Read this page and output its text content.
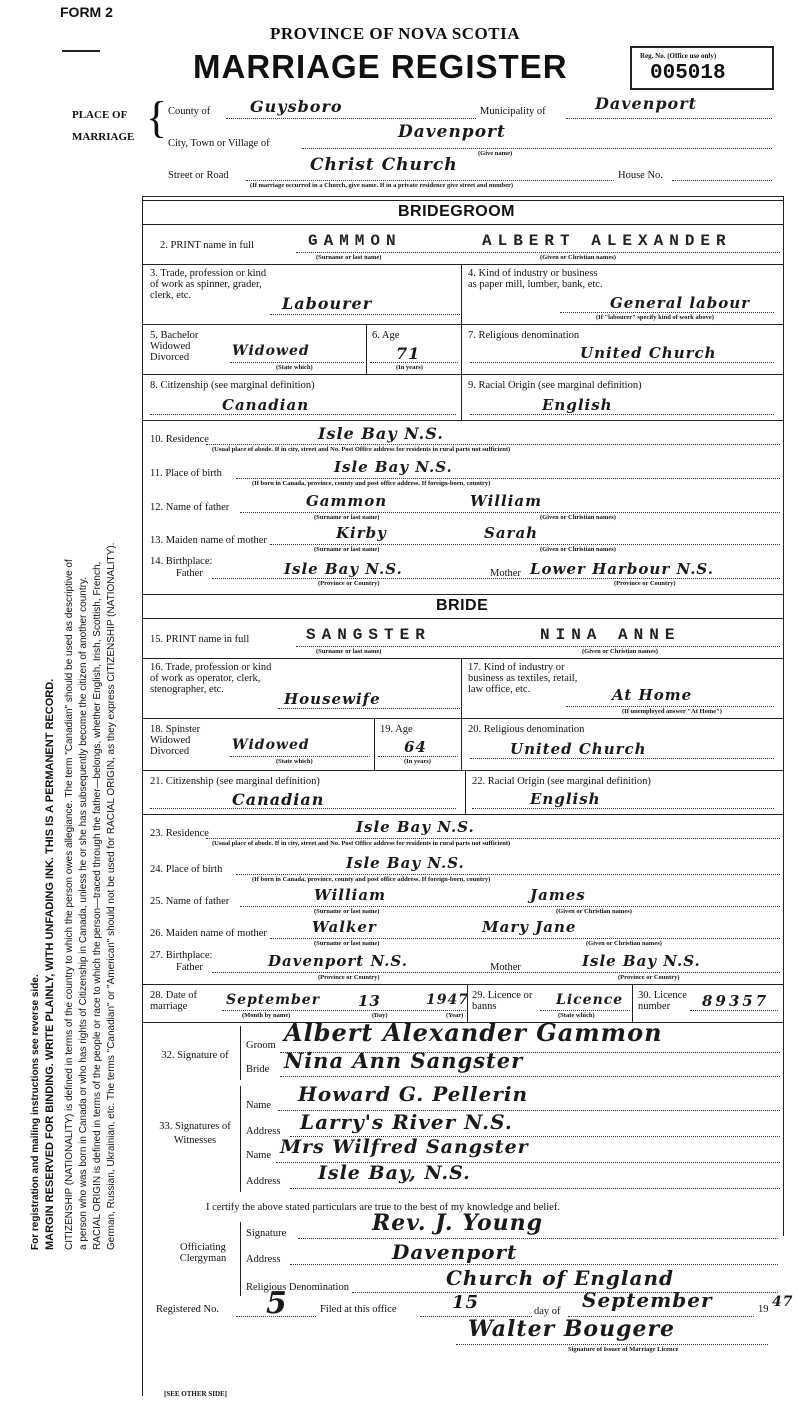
FORM 2
PROVINCE OF NOVA SCOTIA
MARRIAGE REGISTER	Reg. No. (Office use only)
005018
For registration and mailing instructions see reverse side. MARGIN RESERVED FOR BINDING. WRITE PLAINLY, WITH UNFADING INK. THIS IS A PERMANENT RECORD. CITIZENSHIP (NATIONALITY) is defined in terms of the country to which the person owes allegiance. The term "Canadian" should be used as descriptive of a person who was born in Canada or who has rights of Citizenship in Canada, unless he or she has subsequently become the citizen of another country. RACIAL ORIGIN is defined in terms of the people or race to which the person—traced through the father—belongs, whether English, Irish, Scottish, French, German, Russian, Ukrainian, etc. The terms "Canadian" or "American" should not be used for RACIAL ORIGIN, as they express CITIZENSHIP (NATIONALITY).
PLACE OF MARRIAGE { County of Guysboro	Municipality of	Davenport
City, Town or Village of
Davenport
(Give name)
Street or Road
Christ Church
House No.
(If marriage occurred in a Church, give name. If in a private residence give street and number)
BRIDEGROOM
2. PRINT name in full	GAMMON	ALBERT ALEXANDER
(Surname or last name)	(Given or Christian names)
3. Trade, profession or kind of work as spinner, grader, clerk, etc.	Labourer
4. Kind of industry or business as paper mill, lumber, bank, etc.
General labour
(If "labourer" specify kind of work above)
5. Bachelor Widowed Divorced	Widowed
(State which)
6. Age
71
(In years)
7. Religious denomination
United Church
8. Citizenship (see marginal definition)
Canadian
9. Racial Origin (see marginal definition)
English
10. Residence	Isle Bay N.S.
(Usual place of abode. If in city, street and No. Post Office address for residents in rural parts not sufficient)
11. Place of birth	Isle Bay N.S.
(If born in Canada, province, county and post office address. If foreign-born, country)
12. Name of father	Gammon	William
(Surname or last name)	(Given or Christian names)
13. Maiden name of mother	Kirby	Sarah
(Surname or last name)	(Given or Christian names)
14. Birthplace:
Father	Isle Bay N.S.	Mother Lower Harbour N.S.
(Province or Country)	(Province or Country)
BRIDE
15. PRINT name in full	SANGSTER	NINA ANNE
(Surname or last name)	(Given or Christian names)
16. Trade, profession or kind of work as operator, clerk, stenographer, etc.
Housewife
17. Kind of industry or business as textiles, retail, law office, etc.	At Home
(If unemployed answer "At Home")
18. Spinster Widowed Divorced	Widowed
(State which)
19. Age
64
(In years)
20. Religious denomination
United Church
21. Citizenship (see marginal definition)
Canadian
22. Racial Origin (see marginal definition)
English
23. Residence	Isle Bay N.S.
(Usual place of abode. If in city, street and No. Post Office address for residents in rural parts not sufficient)
24. Place of birth	Isle Bay N.S.
(If born in Canada, province, county and post office address. If foreign-born, country)
25. Name of father	William	James
(Surname or last name)	(Given or Christian names)
26. Maiden name of mother	Walker	Mary Jane
(Surname or last name)	(Given or Christian names)
27. Birthplace:
Father	Davenport N.S.	Mother	Isle Bay N.S.
(Province or Country)	(Province or Country)
28. Date of marriage	September	13	1947
(Month by name)	(Day)	(Year)
29. Licence or banns	Licence
(State which)
30. Licence number	89357
32. Signature of
Groom Albert Alexander Gammon
Bride Nina Ann Sangster
33. Signatures of Witnesses
Name Howard G. Pellerin
Address Larry's River N.S.
Name Mrs Wilfred Sangster
Address Isle Bay, N.S.
I certify the above stated particulars are true to the best of my knowledge and belief.
Officiating Clergyman
Signature	Rev. J. Young
Address	Davenport
Religious Denomination	Church of England
Registered No. 5	Filed at this office	15	day of September	19 47
Walter Bougere
Signature of Issuer of Marriage Licence
[SEE OTHER SIDE]
